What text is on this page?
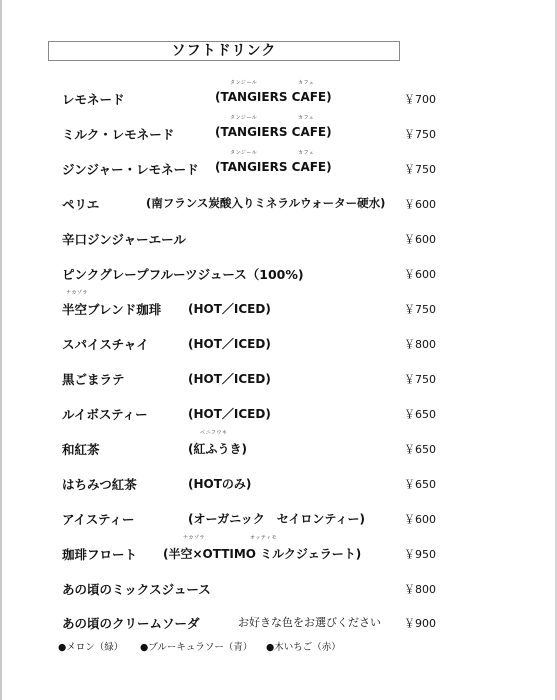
ソフトドリンク
タンジール	カフェ
レモネード	(TANGIERS CAFE)	￥700
タンジール	カフェ
ミルク・レモネード	(TANGIERS CAFE)	￥750
タンジール	カフェ
ジンジャー・レモネード (TANGIERS CAFE)	￥750
ペリエ	(南フランス炭酸入りミネラルウォーター硬水) ￥600
辛口ジンジャーエール	￥600
ピンクグレープフルーツジュース（100%)	￥600
ナカゾラ
半空ブレンド珈琲 (HOT／ICED)	￥750
スパイスチャイ	(HOT／ICED)	￥800
黒ごまラテ	(HOT／ICED)	￥750
ルイボスティー	(HOT／ICED)	￥650
ベニフウキ
和紅茶	(紅ふうき)	￥650
はちみつ紅茶	(HOTのみ)	￥650
アイスティー	(オーガニック　セイロンティー)	￥600
ナカゾラ	オッティモ
珈琲フロート (半空×OTTIMO ミルクジェラート)	￥950
あの頃のミックスジュース	￥800
あの頃のクリームソーダ	お好きな色をお選びください ￥900
●メロン（緑） ●ブルーキュラソー（青） ●木いちご（赤）
